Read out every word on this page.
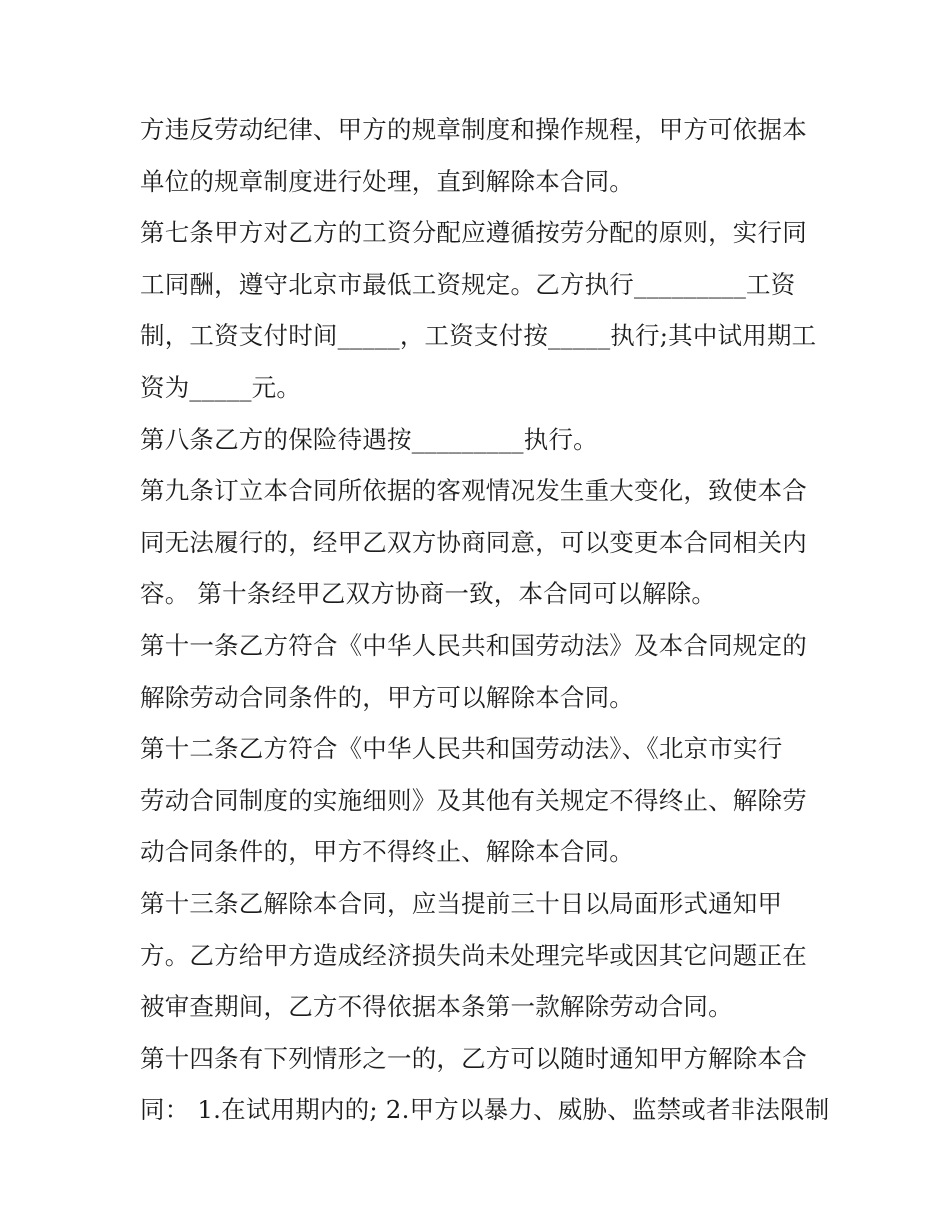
方违反劳动纪律、甲方的规章制度和操作规程，甲方可依据本
单位的规章制度进行处理，直到解除本合同。
第七条甲方对乙方的工资分配应遵循按劳分配的原则，实行同
工同酬，遵守北京市最低工资规定。乙方执行_________工资
制，工资支付时间_____，工资支付按_____执行;其中试用期工
资为_____元。
第八条乙方的保险待遇按_________执行。
第九条订立本合同所依据的客观情况发生重大变化，致使本合
同无法履行的，经甲乙双方协商同意，可以变更本合同相关内
容。 第十条经甲乙双方协商一致，本合同可以解除。
第十一条乙方符合《中华人民共和国劳动法》及本合同规定的
解除劳动合同条件的，甲方可以解除本合同。
第十二条乙方符合《中华人民共和国劳动法》、《北京市实行
劳动合同制度的实施细则》及其他有关规定不得终止、解除劳
动合同条件的，甲方不得终止、解除本合同。
第十三条乙解除本合同，应当提前三十日以局面形式通知甲
方。乙方给甲方造成经济损失尚未处理完毕或因其它问题正在
被审查期间，乙方不得依据本条第一款解除劳动合同。
第十四条有下列情形之一的，乙方可以随时通知甲方解除本合
同： 1.在试用期内的; 2.甲方以暴力、威胁、监禁或者非法限制
